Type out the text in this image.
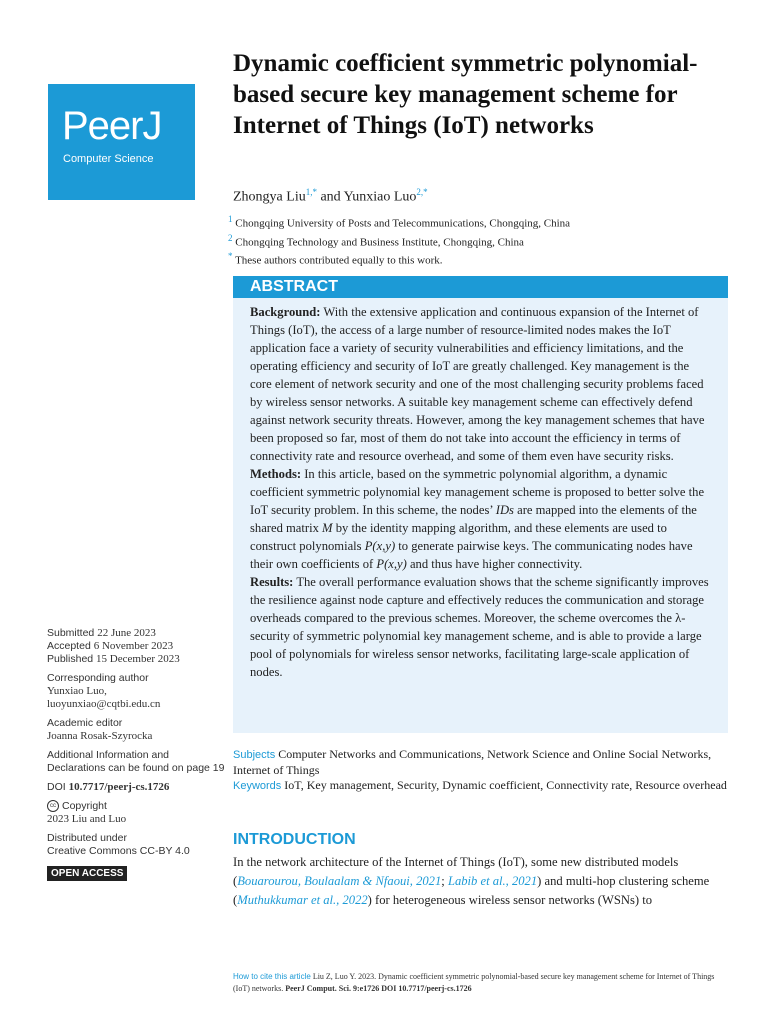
PeerJ
Computer Science
Dynamic coefficient symmetric polynomial-based secure key management scheme for Internet of Things (IoT) networks
Zhongya Liu$^{1,*}$ and Yunxiao Luo$^{2,*}$
$^1$ Chongqing University of Posts and Telecommunications, Chongqing, China
$^2$ Chongqing Technology and Business Institute, Chongqing, China
* These authors contributed equally to this work.
ABSTRACT

Background: With the extensive application and continuous expansion of the Internet of Things (IoT), the access of a large number of resource-limited nodes makes the IoT application face a variety of security vulnerabilities and efficiency limitations, and the operating efficiency and security of IoT are greatly challenged. Key management is the core element of network security and one of the most challenging security problems faced by wireless sensor networks. A suitable key management scheme can effectively defend against network security threats. However, among the key management schemes that have been proposed so far, most of them do not take into account the efficiency in terms of connectivity rate and resource overhead, and some of them even have security risks.

Methods: In this article, based on the symmetric polynomial algorithm, a dynamic coefficient symmetric polynomial key management scheme is proposed to better solve the IoT security problem. In this scheme, the nodes’ IDs are mapped into the elements of the shared matrix M by the identity mapping algorithm, and these elements are used to construct polynomials P(x,y) to generate pairwise keys. The communicating nodes have their own coefficients of P(x,y) and thus have higher connectivity.

Results: The overall performance evaluation shows that the scheme significantly improves the resilience against node capture and effectively reduces the communication and storage overheads compared to the previous schemes. Moreover, the scheme overcomes the λ-security of symmetric polynomial key management scheme, and is able to provide a large pool of polynomials for wireless sensor networks, facilitating large-scale application of nodes.

Submitted 22 June 2023
Accepted 6 November 2023
Published 15 December 2023
Corresponding author
Yunxiao Luo,
luoyunxiao@cqtbi.edu.cn
Academic editor
Joanna Rosak-Szyrocka
Additional Information and Declarations can be found on page 19
DOI 10.7717/peerj-cs.1726
cc Copyright
2023 Liu and Luo
Distributed under
Creative Commons CC-BY 4.0
OPEN ACCESS
Subjects Computer Networks and Communications, Network Science and Online Social Networks, Internet of Things
Keywords IoT, Key management, Security, Dynamic coefficient, Connectivity rate, Resource overhead
INTRODUCTION

In the network architecture of the Internet of Things (IoT), some new distributed models (Bouarourou, Boulaalam & Nfaoui, 2021; Labib et al., 2021) and multi-hop clustering scheme (Muthukkumar et al., 2022) for heterogeneous wireless sensor networks (WSNs) to

How to cite this article Liu Z, Luo Y. 2023. Dynamic coefficient symmetric polynomial-based secure key management scheme for Internet of Things (IoT) networks. PeerJ Comput. Sci. 9:e1726 DOI 10.7717/peerj-cs.1726
